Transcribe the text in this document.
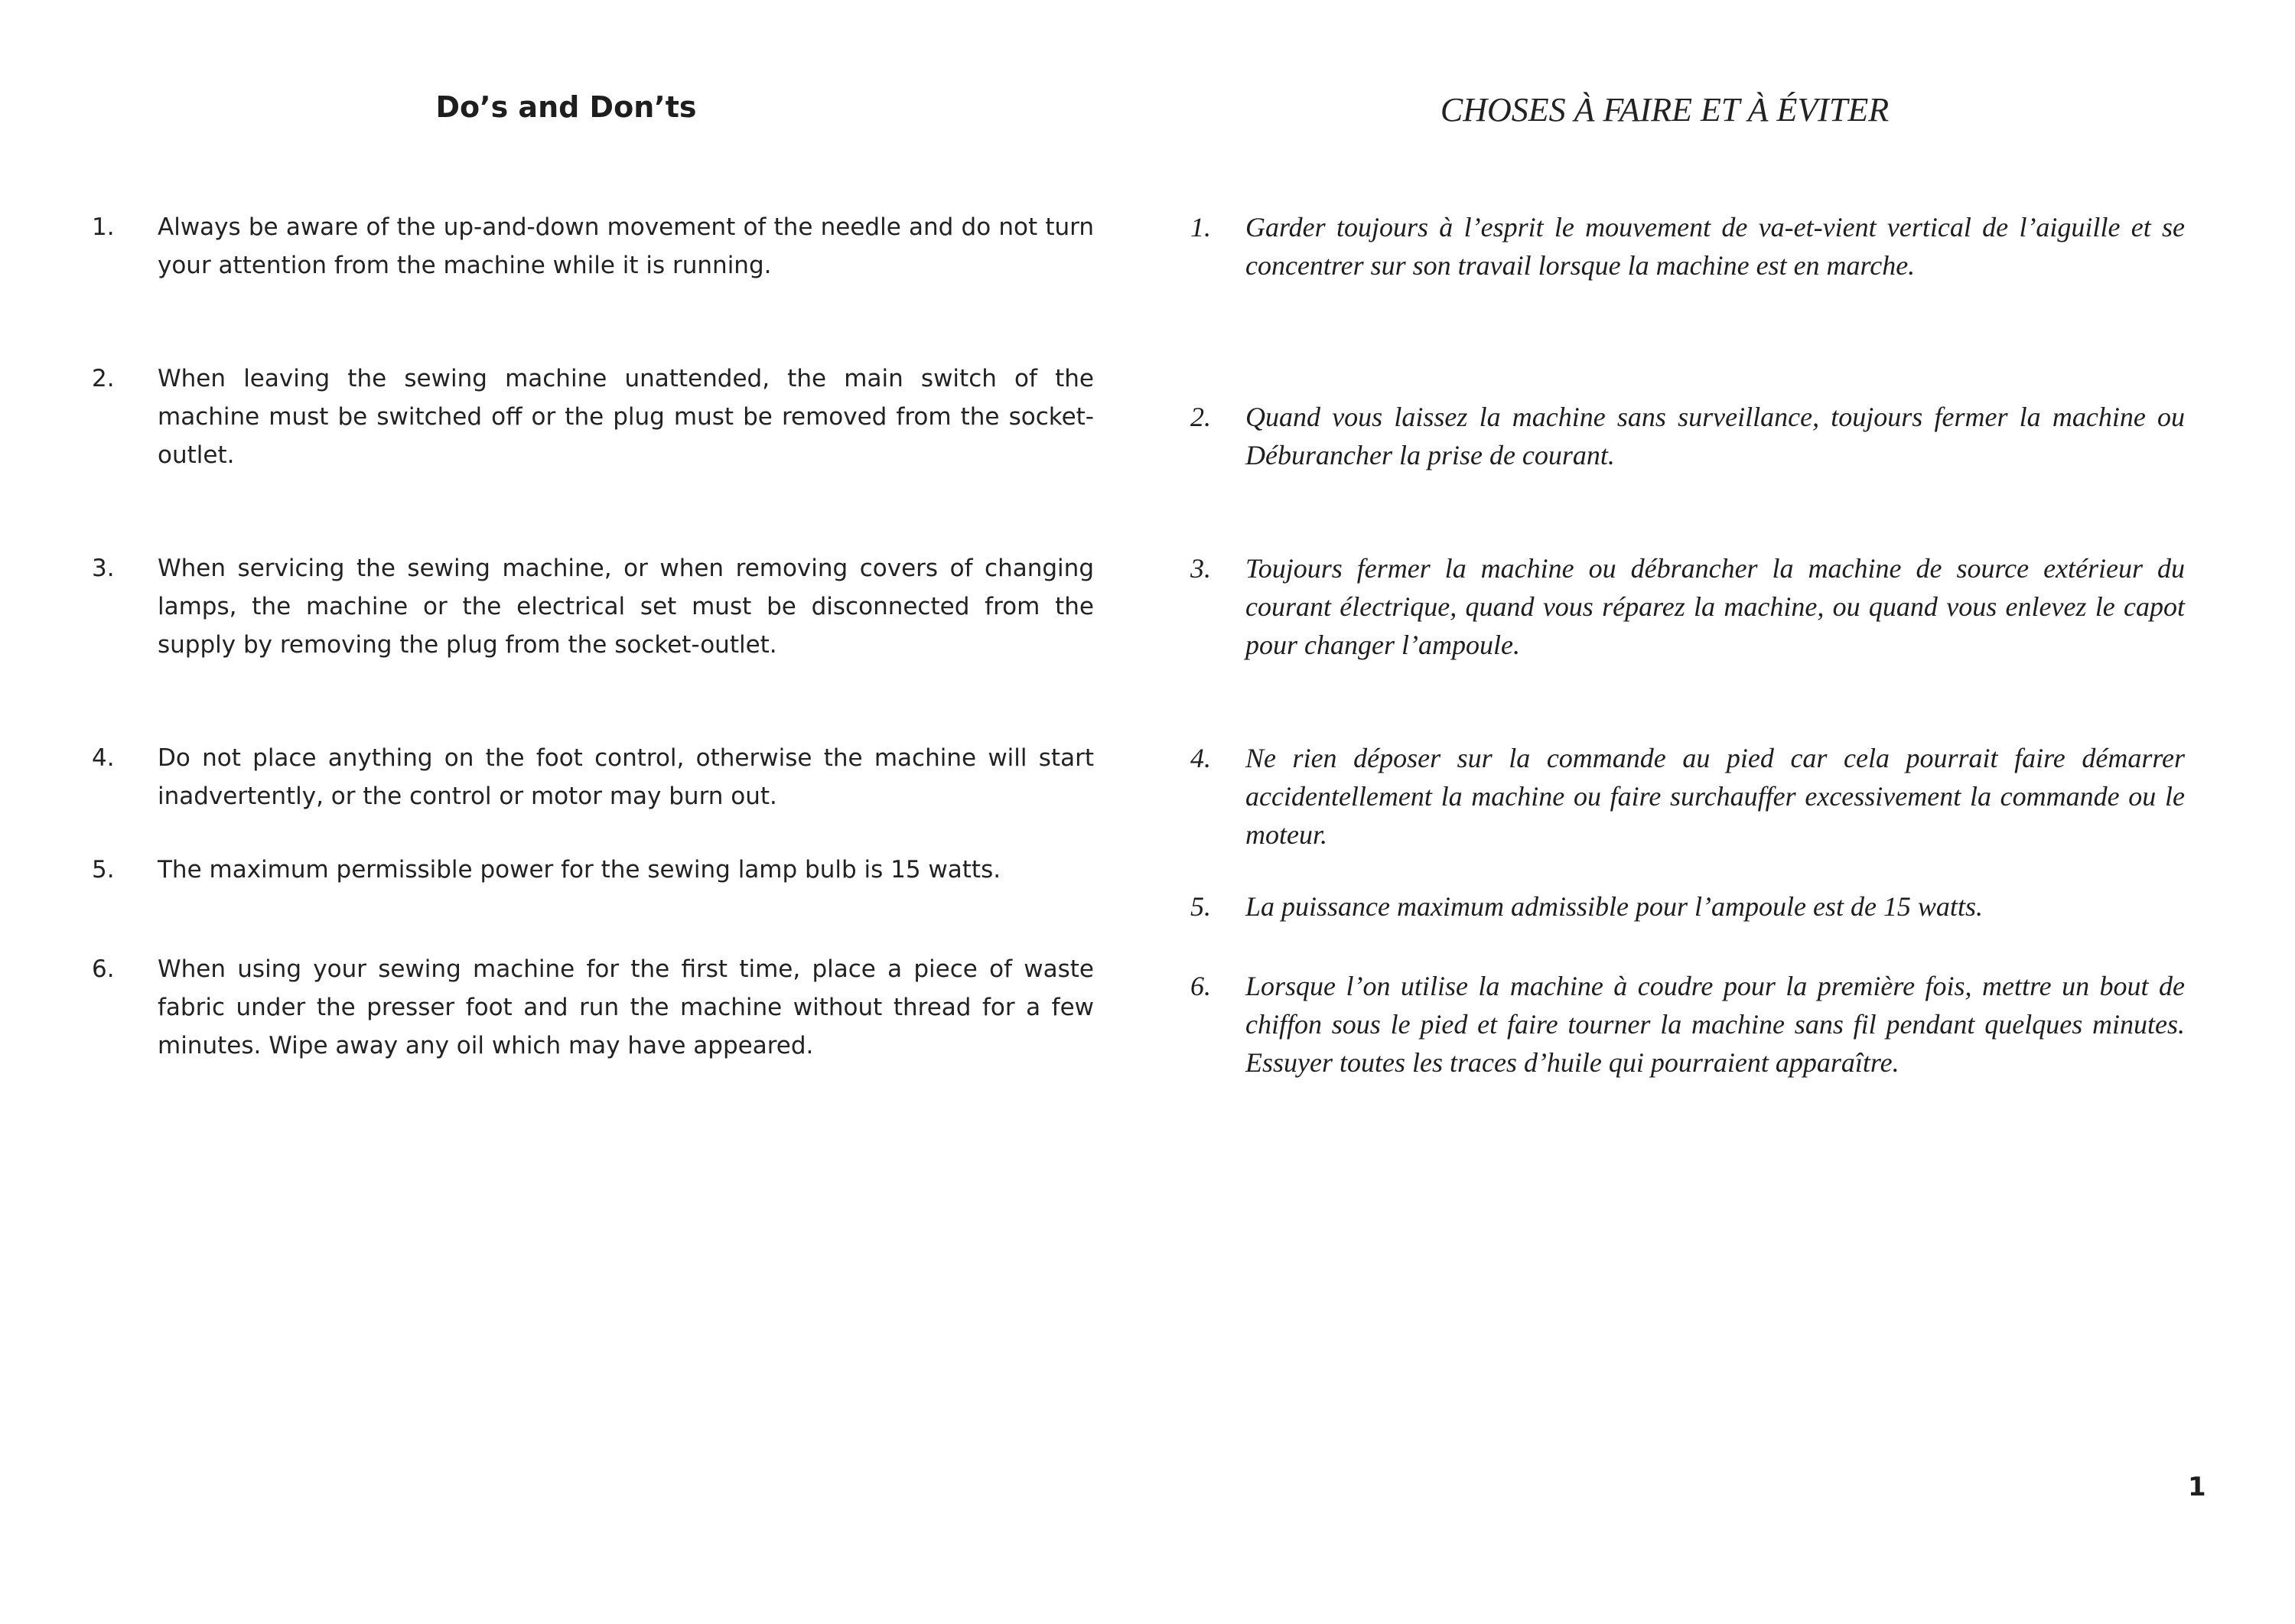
Do’s and Don’ts
1.	Always be aware of the up-and-down movement of the needle and do not turn your attention from the machine while it is running.
2.	When leaving the sewing machine unattended, the main switch of the machine must be switched off or the plug must be removed from the socket-outlet.
3.	When servicing the sewing machine, or when removing covers of changing lamps, the machine or the electrical set must be disconnected from the supply by removing the plug from the socket-outlet.
4.	Do not place anything on the foot control, otherwise the machine will start inadvertently, or the control or motor may burn out.
5.	The maximum permissible power for the sewing lamp bulb is 15 watts.
6.	When using your sewing machine for the first time, place a piece of waste fabric under the presser foot and run the machine without thread for a few minutes. Wipe away any oil which may have appeared.
CHOSES À FAIRE ET À ÉVITER
1.	Garder toujours à l’esprit le mouvement de va-et-vient vertical de l’aiguille et se concentrer sur son travail lorsque la machine est en marche.
2.	Quand vous laissez la machine sans surveillance, toujours fermer la machine ou Déburancher la prise de courant.
3.	Toujours fermer la machine ou débrancher la machine de source extérieur du courant électrique, quand vous réparez la machine, ou quand vous enlevez le capot pour changer l’ampoule.
4.	Ne rien déposer sur la commande au pied car cela pourrait faire démarrer accidentellement la machine ou faire surchauffer excessivement la commande ou le moteur.
5.	La puissance maximum admissible pour l’ampoule est de 15 watts.
6.	Lorsque l’on utilise la machine à coudre pour la première fois, mettre un bout de chiffon sous le pied et faire tourner la machine sans fil pendant quelques minutes. Essuyer toutes les traces d’huile qui pourraient apparaître.
1
